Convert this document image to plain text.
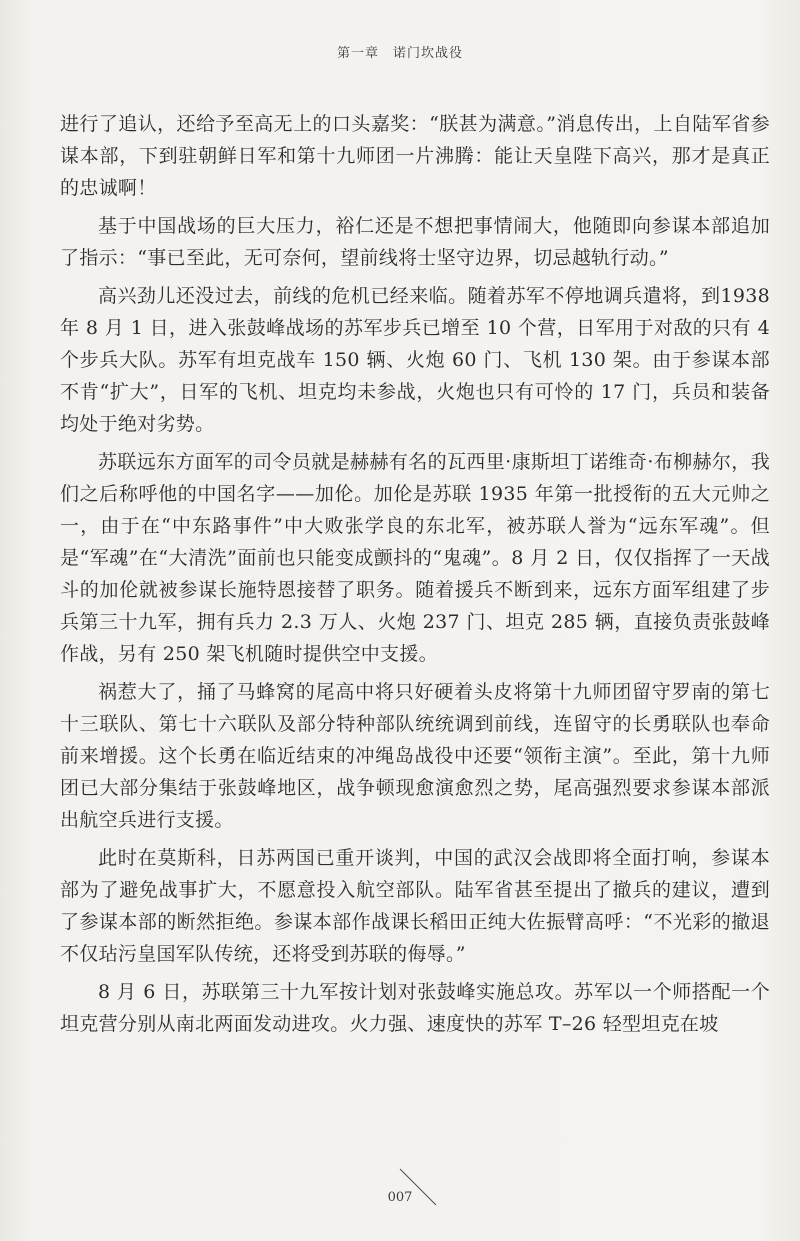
第一章　诺门坎战役

进行了追认，还给予至高无上的口头嘉奖：“朕甚为满意。”消息传出，上自陆军省参谋本部，下到驻朝鲜日军和第十九师团一片沸腾：能让天皇陛下高兴，那才是真正的忠诚啊！

基于中国战场的巨大压力，裕仁还是不想把事情闹大，他随即向参谋本部追加了指示：“事已至此，无可奈何，望前线将士坚守边界，切忌越轨行动。”

高兴劲儿还没过去，前线的危机已经来临。随着苏军不停地调兵遣将，到1938 年 8 月 1 日，进入张鼓峰战场的苏军步兵已增至 10 个营，日军用于对敌的只有 4 个步兵大队。苏军有坦克战车 150 辆、火炮 60 门、飞机 130 架。由于参谋本部不肯“扩大”，日军的飞机、坦克均未参战，火炮也只有可怜的 17 门，兵员和装备均处于绝对劣势。

苏联远东方面军的司令员就是赫赫有名的瓦西里·康斯坦丁诺维奇·布柳赫尔，我们之后称呼他的中国名字——加伦。加伦是苏联 1935 年第一批授衔的五大元帅之一，由于在“中东路事件”中大败张学良的东北军，被苏联人誉为“远东军魂”。但是“军魂”在“大清洗”面前也只能变成颤抖的“鬼魂”。8 月 2 日，仅仅指挥了一天战斗的加伦就被参谋长施特恩接替了职务。随着援兵不断到来，远东方面军组建了步兵第三十九军，拥有兵力 2.3 万人、火炮 237 门、坦克 285 辆，直接负责张鼓峰作战，另有 250 架飞机随时提供空中支援。

祸惹大了，捅了马蜂窝的尾高中将只好硬着头皮将第十九师团留守罗南的第七十三联队、第七十六联队及部分特种部队统统调到前线，连留守的长勇联队也奉命前来增援。这个长勇在临近结束的冲绳岛战役中还要“领衔主演”。至此，第十九师团已大部分集结于张鼓峰地区，战争顿现愈演愈烈之势，尾高强烈要求参谋本部派出航空兵进行支援。

此时在莫斯科，日苏两国已重开谈判，中国的武汉会战即将全面打响，参谋本部为了避免战事扩大，不愿意投入航空部队。陆军省甚至提出了撤兵的建议，遭到了参谋本部的断然拒绝。参谋本部作战课长稻田正纯大佐振臂高呼：“不光彩的撤退不仅玷污皇国军队传统，还将受到苏联的侮辱。”

8 月 6 日，苏联第三十九军按计划对张鼓峰实施总攻。苏军以一个师搭配一个坦克营分别从南北两面发动进攻。火力强、速度快的苏军 T–26 轻型坦克在坡

007
